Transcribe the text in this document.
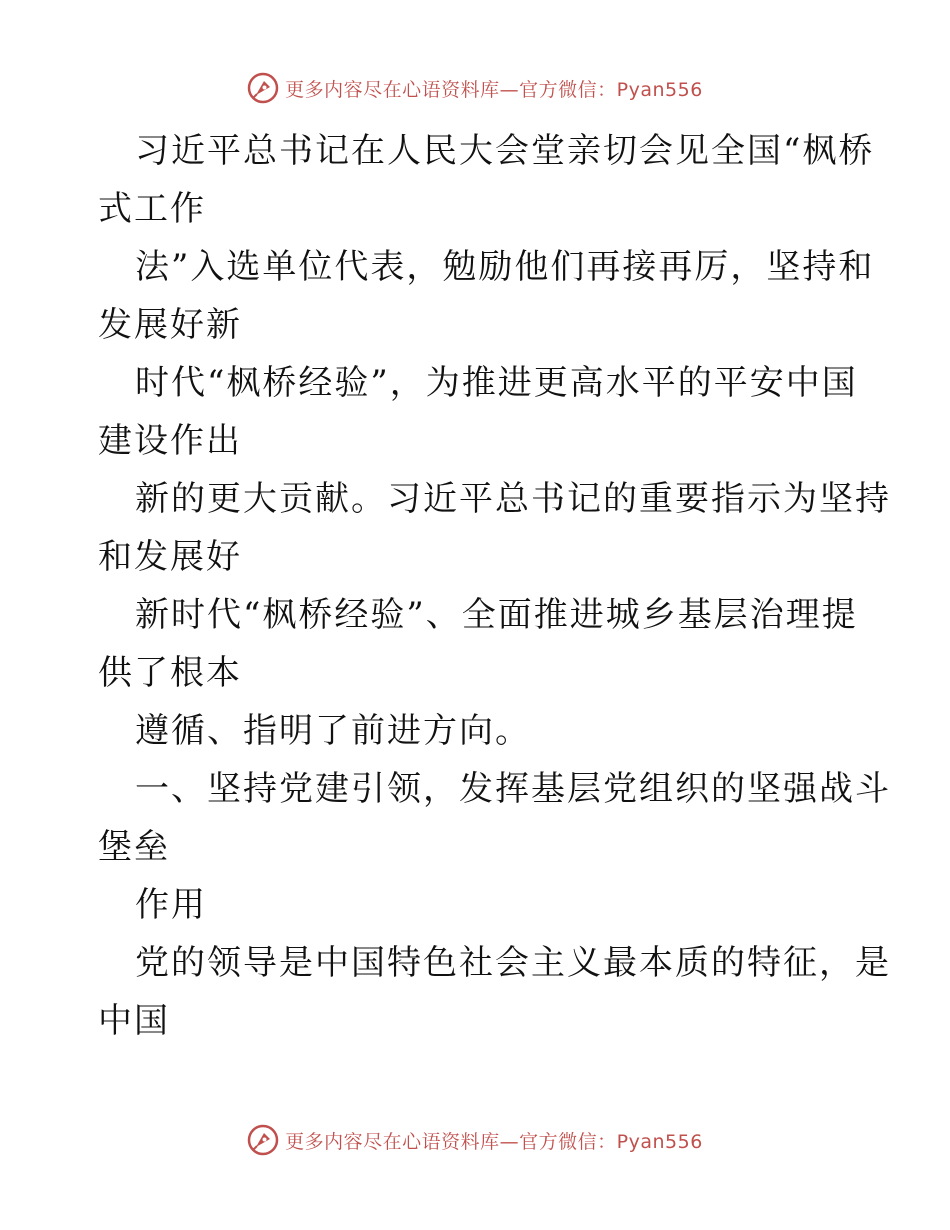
更多内容尽在心语资料库—官方微信：Pyan556
习近平总书记在人民大会堂亲切会见全国“枫桥
式工作
法”入选单位代表，勉励他们再接再厉，坚持和
发展好新
时代“枫桥经验”，为推进更高水平的平安中国
建设作出
新的更大贡献。习近平总书记的重要指示为坚持
和发展好
新时代“枫桥经验”、全面推进城乡基层治理提
供了根本
遵循、指明了前进方向。
一、坚持党建引领，发挥基层党组织的坚强战斗
堡垒
作用
党的领导是中国特色社会主义最本质的特征，是
中国
更多内容尽在心语资料库—官方微信：Pyan556
